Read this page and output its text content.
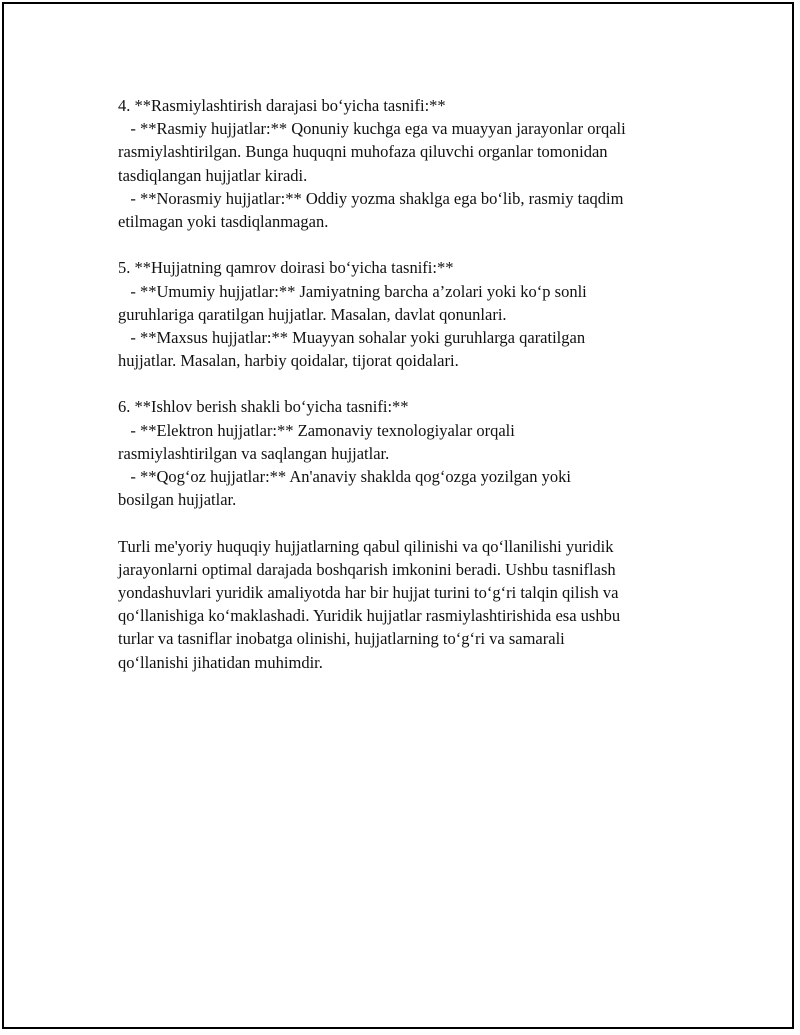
4. **Rasmiylashtirish darajasi bo‘yicha tasnifi:**
- **Rasmiy hujjatlar:** Qonuniy kuchga ega va muayyan jarayonlar orqali
rasmiylashtirilgan. Bunga huquqni muhofaza qiluvchi organlar tomonidan
tasdiqlangan hujjatlar kiradi.
- **Norasmiy hujjatlar:** Oddiy yozma shaklga ega bo‘lib, rasmiy taqdim
etilmagan yoki tasdiqlanmagan.
5. **Hujjatning qamrov doirasi bo‘yicha tasnifi:**
- **Umumiy hujjatlar:** Jamiyatning barcha a’zolari yoki ko‘p sonli
guruhlariga qaratilgan hujjatlar. Masalan, davlat qonunlari.
- **Maxsus hujjatlar:** Muayyan sohalar yoki guruhlarga qaratilgan
hujjatlar. Masalan, harbiy qoidalar, tijorat qoidalari.
6. **Ishlov berish shakli bo‘yicha tasnifi:**
- **Elektron hujjatlar:** Zamonaviy texnologiyalar orqali
rasmiylashtirilgan va saqlangan hujjatlar.
- **Qog‘oz hujjatlar:** An'anaviy shaklda qog‘ozga yozilgan yoki
bosilgan hujjatlar.
Turli me'yoriy huquqiy hujjatlarning qabul qilinishi va qo‘llanilishi yuridik
jarayonlarni optimal darajada boshqarish imkonini beradi. Ushbu tasniflash
yondashuvlari yuridik amaliyotda har bir hujjat turini to‘g‘ri talqin qilish va
qo‘llanishiga ko‘maklashadi. Yuridik hujjatlar rasmiylashtirishida esa ushbu
turlar va tasniflar inobatga olinishi, hujjatlarning to‘g‘ri va samarali
qo‘llanishi jihatidan muhimdir.
